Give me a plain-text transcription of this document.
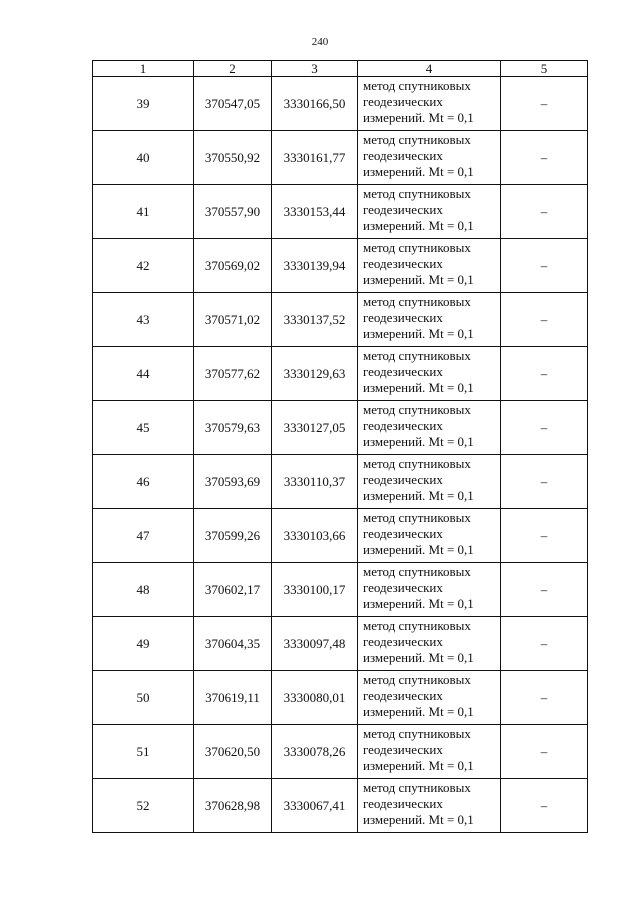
240
1	2	3	4	5
39	370547,05	3330166,50	метод спутниковых
геодезических
измерений. Mt = 0,1	–
40	370550,92	3330161,77	метод спутниковых
геодезических
измерений. Mt = 0,1	–
41	370557,90	3330153,44	метод спутниковых
геодезических
измерений. Mt = 0,1	–
42	370569,02	3330139,94	метод спутниковых
геодезических
измерений. Mt = 0,1	–
43	370571,02	3330137,52	метод спутниковых
геодезических
измерений. Mt = 0,1	–
44	370577,62	3330129,63	метод спутниковых
геодезических
измерений. Mt = 0,1	–
45	370579,63	3330127,05	метод спутниковых
геодезических
измерений. Mt = 0,1	–
46	370593,69	3330110,37	метод спутниковых
геодезических
измерений. Mt = 0,1	–
47	370599,26	3330103,66	метод спутниковых
геодезических
измерений. Mt = 0,1	–
48	370602,17	3330100,17	метод спутниковых
геодезических
измерений. Mt = 0,1	–
49	370604,35	3330097,48	метод спутниковых
геодезических
измерений. Mt = 0,1	–
50	370619,11	3330080,01	метод спутниковых
геодезических
измерений. Mt = 0,1	–
51	370620,50	3330078,26	метод спутниковых
геодезических
измерений. Mt = 0,1	–
52	370628,98	3330067,41	метод спутниковых
геодезических
измерений. Mt = 0,1	–
